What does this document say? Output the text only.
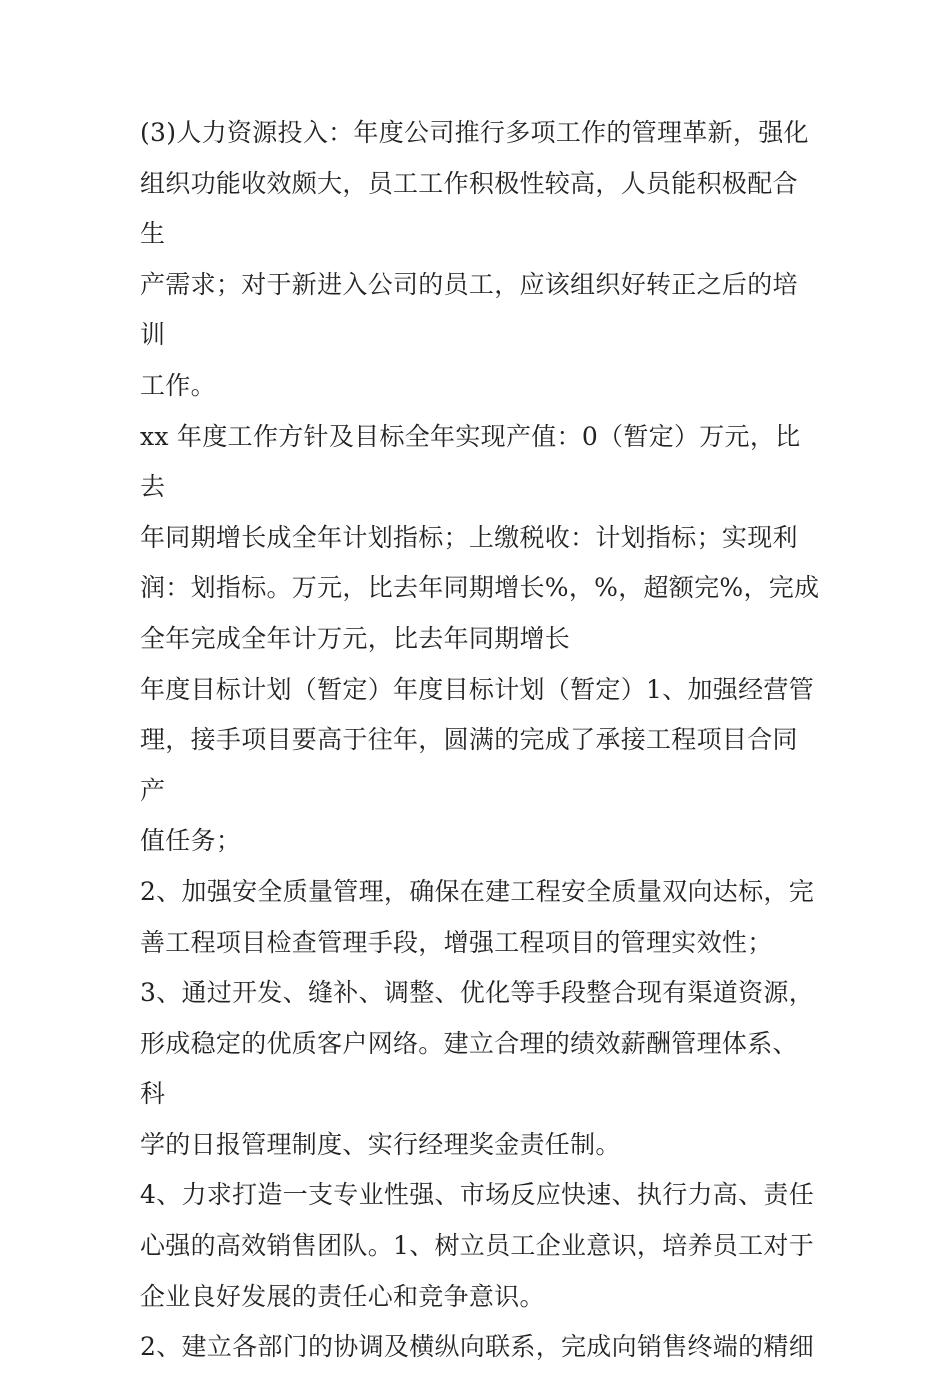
(3)人力资源投入：年度公司推行多项工作的管理革新，强化
组织功能收效颇大，员工工作积极性较高，人员能积极配合生
产需求；对于新进入公司的员工，应该组织好转正之后的培训
工作。

xx 年度工作方针及目标全年实现产值：0（暂定）万元，比去
年同期增长成全年计划指标；上缴税收：计划指标；实现利
润：划指标。万元，比去年同期增长%，%，超额完%，完成
全年完成全年计万元，比去年同期增长

年度目标计划（暂定）年度目标计划（暂定）1、加强经营管
理，接手项目要高于往年，圆满的完成了承接工程项目合同产
值任务；

2、加强安全质量管理，确保在建工程安全质量双向达标，完
善工程项目检查管理手段，增强工程项目的管理实效性；

3、通过开发、缝补、调整、优化等手段整合现有渠道资源，
形成稳定的优质客户网络。建立合理的绩效薪酬管理体系、科
学的日报管理制度、实行经理奖金责任制。

4、力求打造一支专业性强、市场反应快速、执行力高、责任
心强的高效销售团队。1、树立员工企业意识，培养员工对于
企业良好发展的责任心和竞争意识。

2、建立各部门的协调及横纵向联系，完成向销售终端的精细
